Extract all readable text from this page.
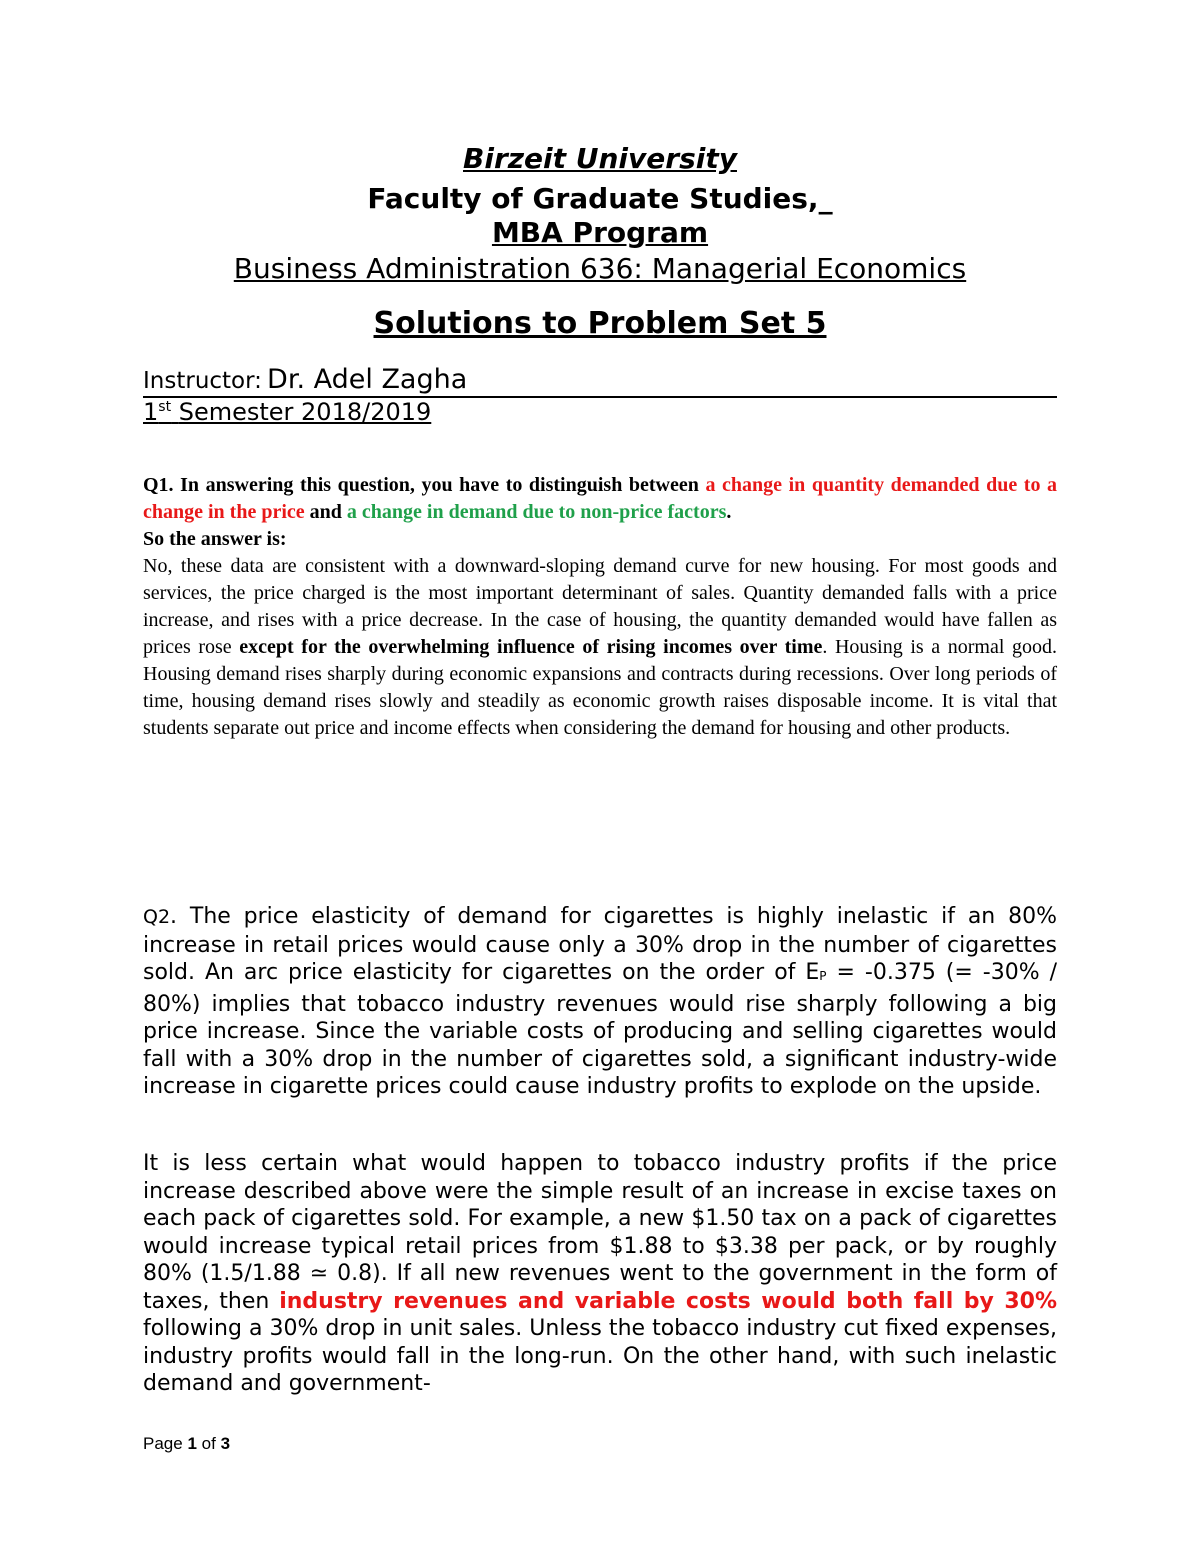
Birzeit University
Faculty of Graduate Studies,_
MBA Program
Business Administration 636: Managerial Economics
Solutions to Problem Set 5
Instructor: Dr. Adel Zagha
1st Semester 2018/2019
Q1. In answering this question, you have to distinguish between a change in quantity demanded due to a change in the price and a change in demand due to non-price factors.
So the answer is:
No, these data are consistent with a downward-sloping demand curve for new housing. For most goods and services, the price charged is the most important determinant of sales. Quantity demanded falls with a price increase, and rises with a price decrease. In the case of housing, the quantity demanded would have fallen as prices rose except for the overwhelming influence of rising incomes over time. Housing is a normal good. Housing demand rises sharply during economic expansions and contracts during recessions. Over long periods of time, housing demand rises slowly and steadily as economic growth raises disposable income. It is vital that students separate out price and income effects when considering the demand for housing and other products.
Q2. The price elasticity of demand for cigarettes is highly inelastic if an 80% increase in retail prices would cause only a 30% drop in the number of cigarettes sold. An arc price elasticity for cigarettes on the order of $E_P = -0.375$ (= -30% / 80%) implies that tobacco industry revenues would rise sharply following a big price increase. Since the variable costs of producing and selling cigarettes would fall with a 30% drop in the number of cigarettes sold, a significant industry-wide increase in cigarette prices could cause industry profits to explode on the upside.
It is less certain what would happen to tobacco industry profits if the price increase described above were the simple result of an increase in excise taxes on each pack of cigarettes sold. For example, a new $1.50 tax on a pack of cigarettes would increase typical retail prices from $1.88 to $3.38 per pack, or by roughly 80% (1.5/1.88 ≃ 0.8). If all new revenues went to the government in the form of taxes, then industry revenues and variable costs would both fall by 30% following a 30% drop in unit sales. Unless the tobacco industry cut fixed expenses, industry profits would fall in the long-run. On the other hand, with such inelastic demand and government-
Page 1 of 3
